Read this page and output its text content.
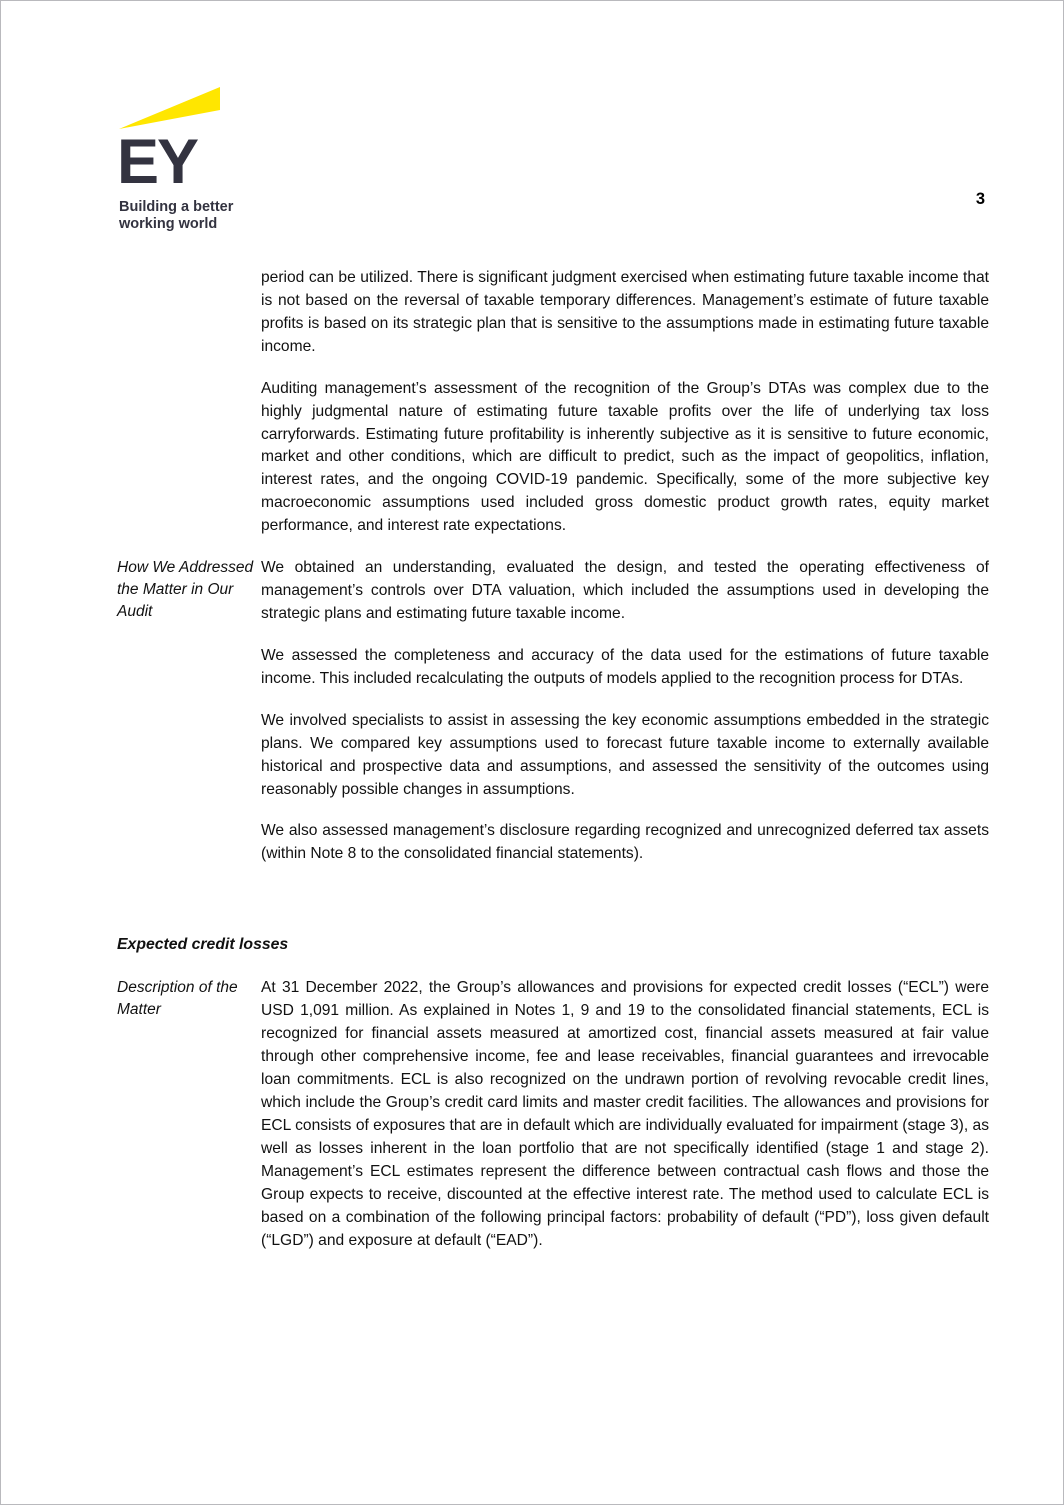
EY
Building a better
working world
3

period can be utilized. There is significant judgment exercised when estimating future taxable income that is not based on the reversal of taxable temporary differences. Management’s estimate of future taxable profits is based on its strategic plan that is sensitive to the assumptions made in estimating future taxable income.

Auditing management’s assessment of the recognition of the Group’s DTAs was complex due to the highly judgmental nature of estimating future taxable profits over the life of underlying tax loss carryforwards. Estimating future profitability is inherently subjective as it is sensitive to future economic, market and other conditions, which are difficult to predict, such as the impact of geopolitics, inflation, interest rates, and the ongoing COVID-19 pandemic. Specifically, some of the more subjective key macroeconomic assumptions used included gross domestic product growth rates, equity market performance, and interest rate expectations.

How We Addressed the Matter in Our Audit

We obtained an understanding, evaluated the design, and tested the operating effectiveness of management’s controls over DTA valuation, which included the assumptions used in developing the strategic plans and estimating future taxable income.

We assessed the completeness and accuracy of the data used for the estimations of future taxable income. This included recalculating the outputs of models applied to the recognition process for DTAs.

We involved specialists to assist in assessing the key economic assumptions embedded in the strategic plans. We compared key assumptions used to forecast future taxable income to externally available historical and prospective data and assumptions, and assessed the sensitivity of the outcomes using reasonably possible changes in assumptions.

We also assessed management’s disclosure regarding recognized and unrecognized deferred tax assets (within Note 8 to the consolidated financial statements).

Expected credit losses
Description of the Matter

At 31 December 2022, the Group’s allowances and provisions for expected credit losses (“ECL”) were USD 1,091 million. As explained in Notes 1, 9 and 19 to the consolidated financial statements, ECL is recognized for financial assets measured at amortized cost, financial assets measured at fair value through other comprehensive income, fee and lease receivables, financial guarantees and irrevocable loan commitments. ECL is also recognized on the undrawn portion of revolving revocable credit lines, which include the Group’s credit card limits and master credit facilities. The allowances and provisions for ECL consists of exposures that are in default which are individually evaluated for impairment (stage 3), as well as losses inherent in the loan portfolio that are not specifically identified (stage 1 and stage 2). Management’s ECL estimates represent the difference between contractual cash flows and those the Group expects to receive, discounted at the effective interest rate. The method used to calculate ECL is based on a combination of the following principal factors: probability of default (“PD”), loss given default (“LGD”) and exposure at default (“EAD”).
